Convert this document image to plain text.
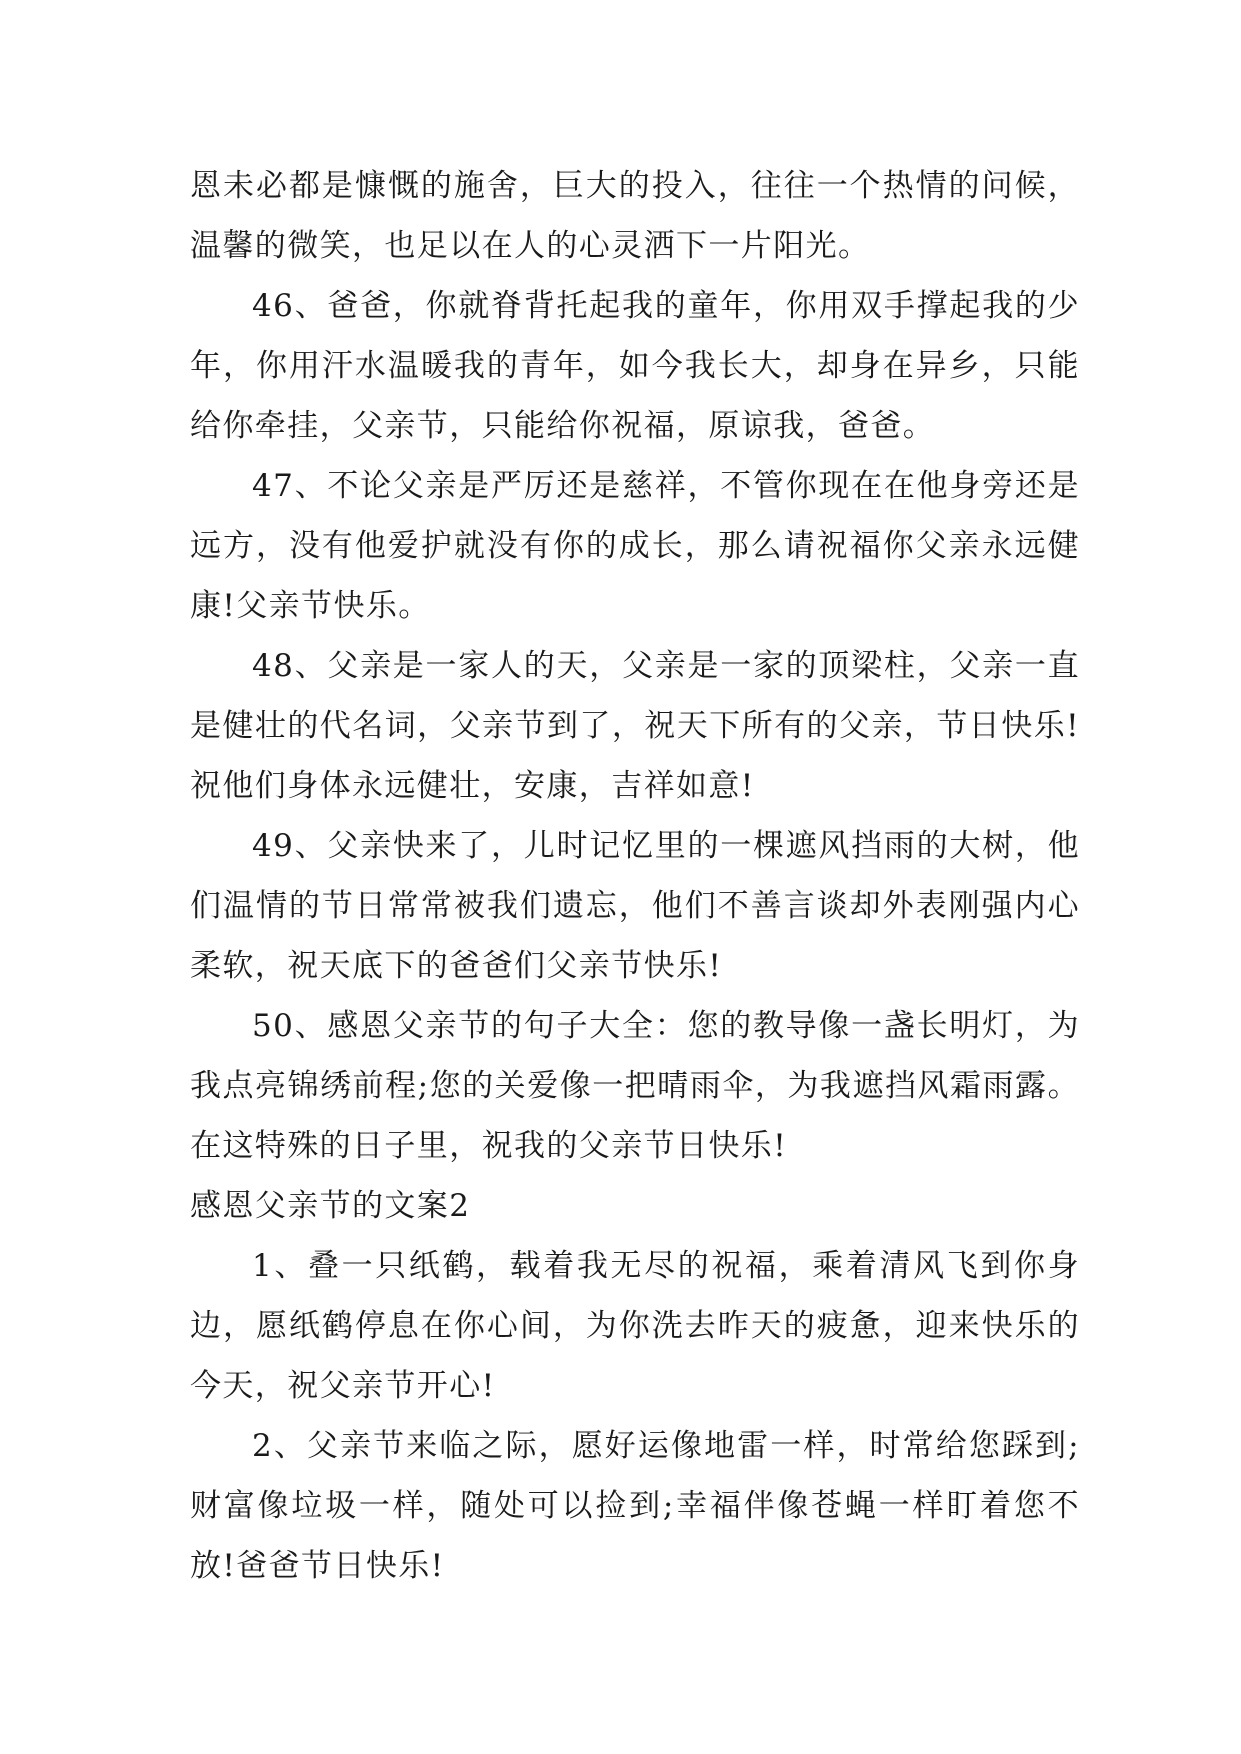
恩未必都是慷慨的施舍，巨大的投入，往往一个热情的问候，温馨的微笑，也足以在人的心灵洒下一片阳光。

46、爸爸，你就脊背托起我的童年，你用双手撑起我的少年，你用汗水温暖我的青年，如今我长大，却身在异乡，只能给你牵挂，父亲节，只能给你祝福，原谅我，爸爸。

47、不论父亲是严厉还是慈祥，不管你现在在他身旁还是远方，没有他爱护就没有你的成长，那么请祝福你父亲永远健康!父亲节快乐。

48、父亲是一家人的天，父亲是一家的顶梁柱，父亲一直是健壮的代名词，父亲节到了，祝天下所有的父亲，节日快乐!祝他们身体永远健壮，安康，吉祥如意!

49、父亲快来了，儿时记忆里的一棵遮风挡雨的大树，他们温情的节日常常被我们遗忘，他们不善言谈却外表刚强内心柔软，祝天底下的爸爸们父亲节快乐!

50、感恩父亲节的句子大全：您的教导像一盏长明灯，为我点亮锦绣前程;您的关爱像一把晴雨伞，为我遮挡风霜雨露。在这特殊的日子里，祝我的父亲节日快乐!

感恩父亲节的文案2

1、叠一只纸鹤，载着我无尽的祝福，乘着清风飞到你身边，愿纸鹤停息在你心间，为你洗去昨天的疲惫，迎来快乐的今天，祝父亲节开心!

2、父亲节来临之际，愿好运像地雷一样，时常给您踩到;财富像垃圾一样，随处可以捡到;幸福伴像苍蝇一样盯着您不放!爸爸节日快乐!
